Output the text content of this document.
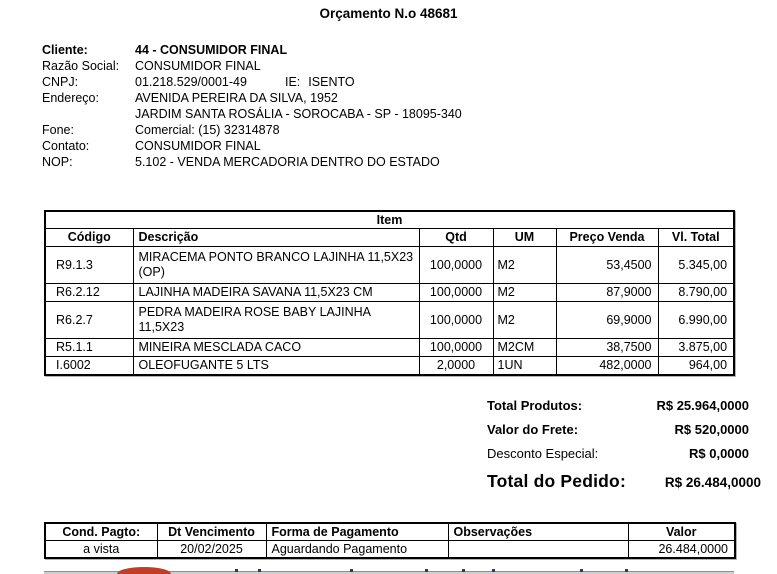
Orçamento N.o 48681
Cliente:	44 - CONSUMIDOR FINAL
Razão Social:	CONSUMIDOR FINAL
CNPJ:	01.218.529/0001-49	IE: ISENTO
Endereço:	AVENIDA PEREIRA DA SILVA, 1952
JARDIM SANTA ROSÁLIA - SOROCABA - SP - 18095-340
Fone:	Comercial: (15) 32314878
Contato:	CONSUMIDOR FINAL
NOP:	5.102 - VENDA MERCADORIA DENTRO DO ESTADO
Item					
Código	Descrição	Qtd	UM	Preço Venda	Vl. Total
R9.1.3	MIRACEMA PONTO BRANCO LAJINHA 11,5X23 (OP)	100,0000	M2	53,4500	5.345,00
R6.2.12	LAJINHA MADEIRA SAVANA 11,5X23 CM	100,0000	M2	87,9000	8.790,00
R6.2.7	PEDRA MADEIRA ROSE BABY LAJINHA 11,5X23	100,0000	M2	69,9000	6.990,00
R5.1.1	MINEIRA MESCLADA CACO	100,0000	M2CM	38,7500	3.875,00
I.6002	OLEOFUGANTE 5 LTS	2,0000	1UN	482,0000	964,00
Total Produtos:	R$ 25.964,0000
Valor do Frete:	R$ 520,0000
Desconto Especial:	R$ 0,0000
Total do Pedido:	R$ 26.484,0000
Cond. Pagto:	Dt Vencimento	Forma de Pagamento	Observações	Valor
a vista	20/02/2025	Aguardando Pagamento		26.484,0000
